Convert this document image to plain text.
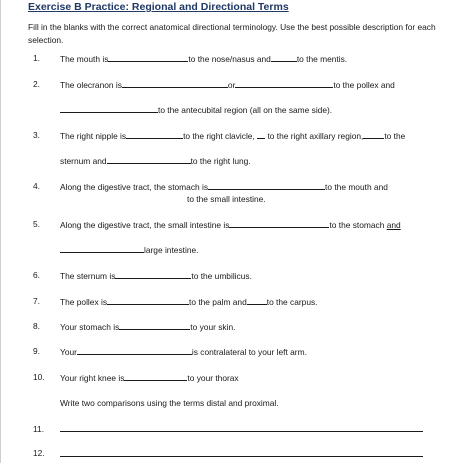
Exercise B Practice: Regional and Directional Terms
Fill in the blanks with the correct anatomical directional terminology. Use the best possible description for each selection.
1. The mouth is	to the nose/nasus and	to the mentis.
2. The olecranon is	or	to the pollex and
to the antecubital region (all on the same side).
3. The right nipple is	to the right clavicle, to the right axillary region,	to the
sternum and	to the right lung.
4. Along the digestive tract, the stomach is	to the mouth and
to the small intestine.
5. Along the digestive tract, the small intestine is	to the stomach and
large intestine.
6. The sternum is	to the umbilicus.
7. The pollex is	to the palm and to the carpus.
8. Your stomach is	to your skin.
9. Your	is contralateral to your left arm.
10. Your right knee is	to your thorax
Write two comparisons using the terms distal and proximal.
11.
12.
